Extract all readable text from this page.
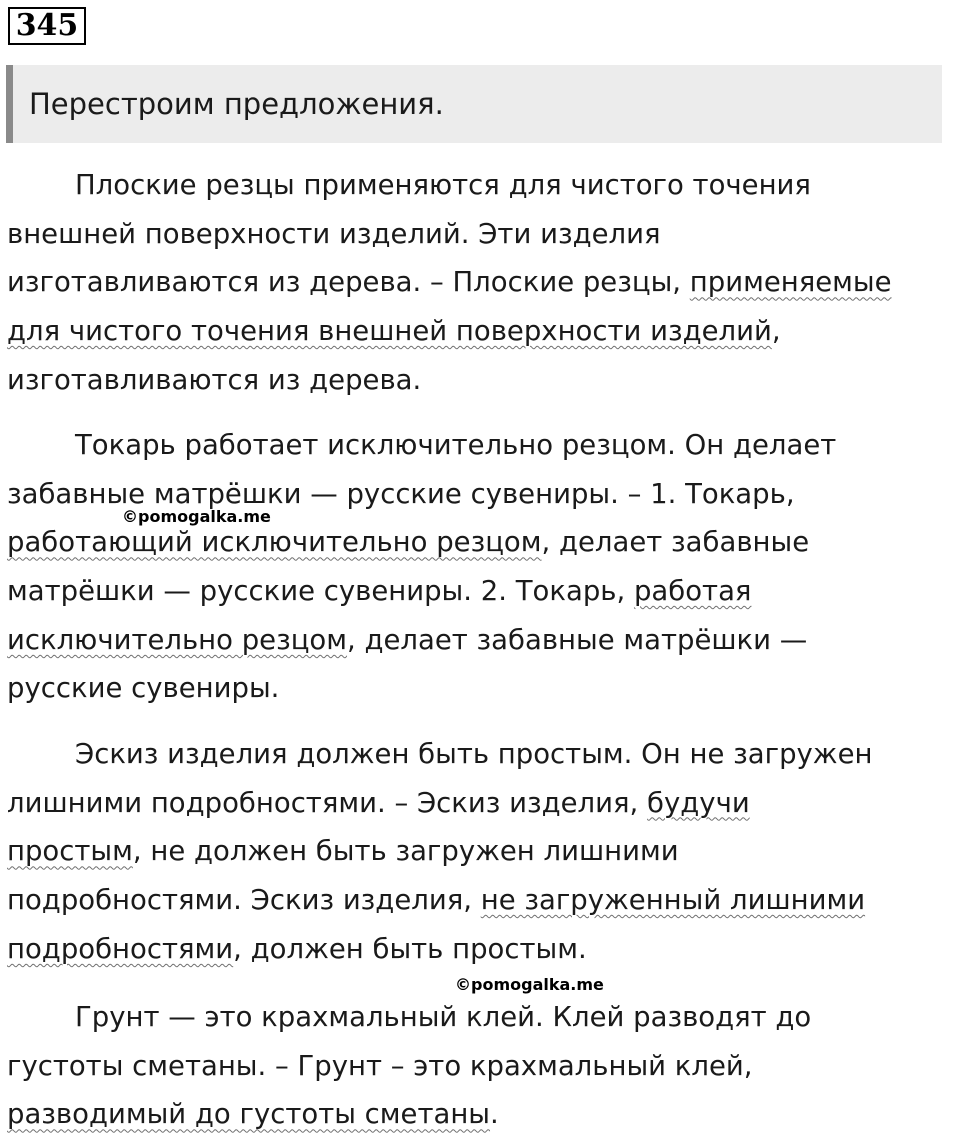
345
Перестроим предложения.
Плоские резцы применяются для чистого точения
внешней поверхности изделий. Эти изделия
изготавливаются из дерева. – Плоские резцы, применяемые
для чистого точения внешней поверхности изделий,
изготавливаются из дерева.
Токарь работает исключительно резцом. Он делает
забавные матрёшки — русские сувениры. – 1. Токарь,
работающий исключительно резцом, делает забавные
матрёшки — русские сувениры. 2. Токарь, работая
исключительно резцом, делает забавные матрёшки —
русские сувениры.
Эскиз изделия должен быть простым. Он не загружен
лишними подробностями. – Эскиз изделия, будучи
простым, не должен быть загружен лишними
подробностями. Эскиз изделия, не загруженный лишними
подробностями, должен быть простым.
Грунт — это крахмальный клей. Клей разводят до
густоты сметаны. – Грунт – это крахмальный клей,
разводимый до густоты сметаны.
©pomogalka.me
©pomogalka.me
